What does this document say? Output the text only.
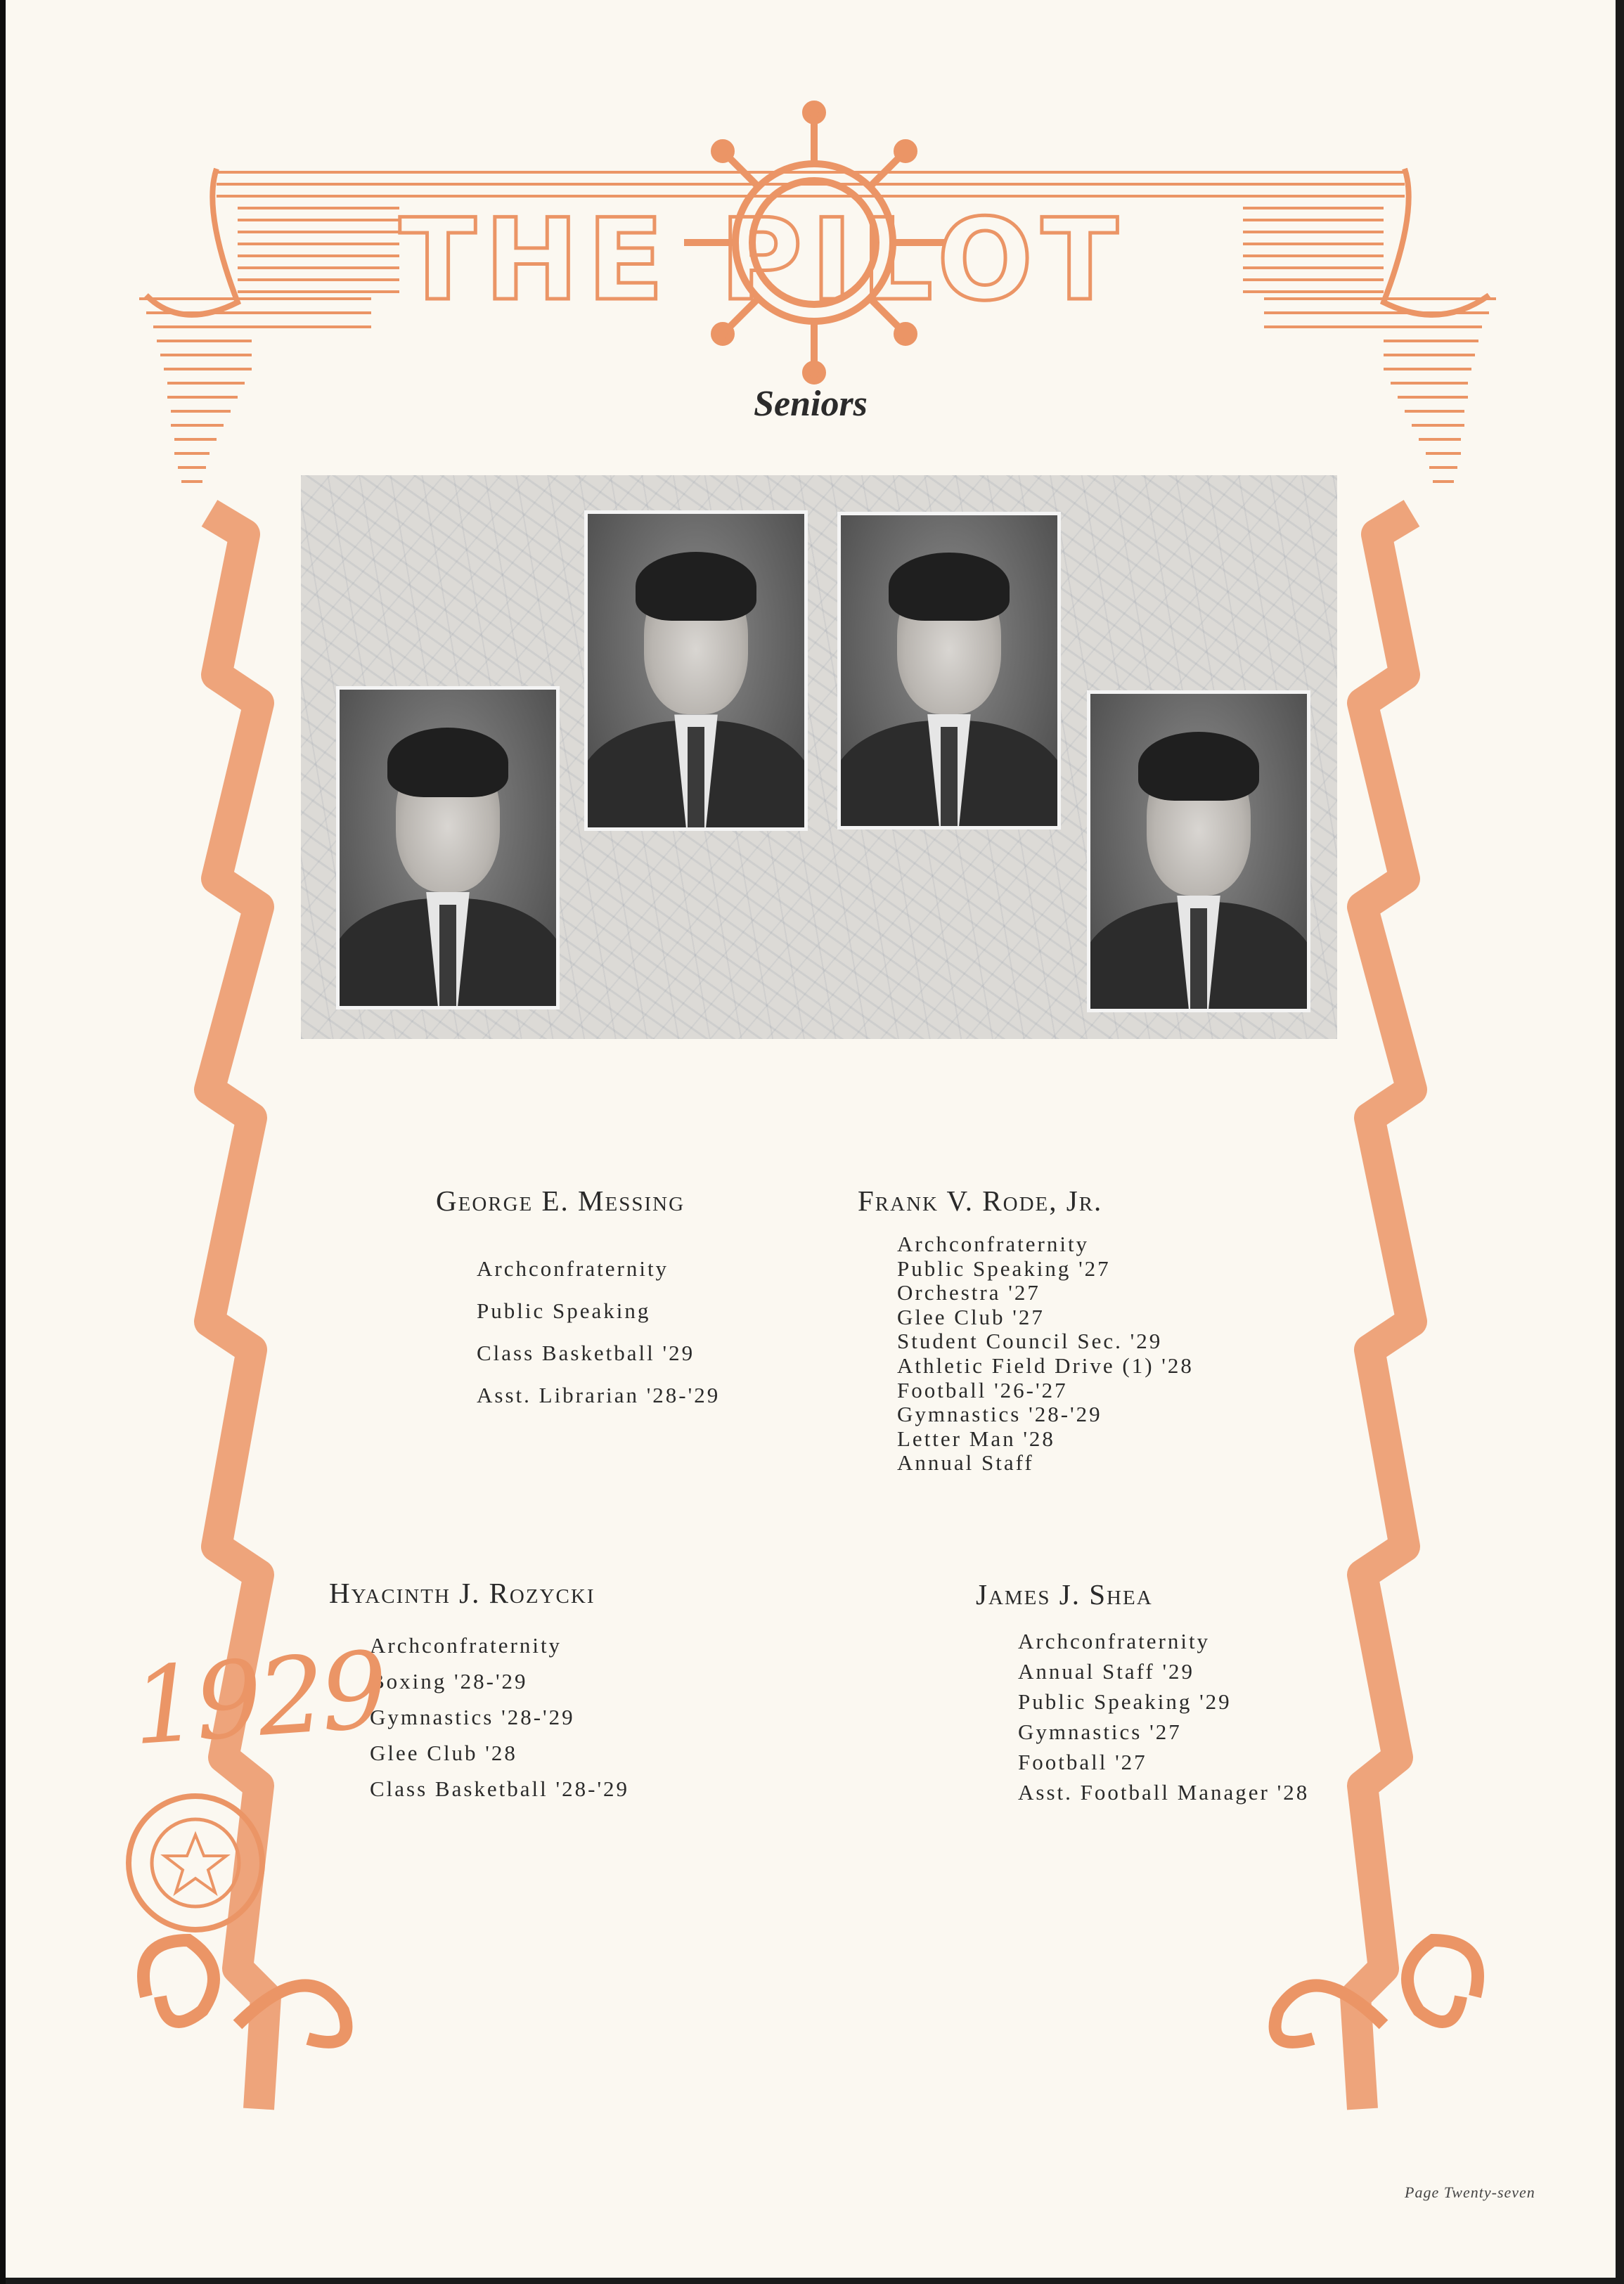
THE PILOT
Seniors
George E. Messing
Archconfraternity
Public Speaking
Class Basketball '29
Asst. Librarian '28-'29
Frank V. Rode, Jr.
Archconfraternity
Public Speaking '27
Orchestra '27
Glee Club '27
Student Council Sec. '29
Athletic Field Drive (1) '28
Football '26-'27
Gymnastics '28-'29
Letter Man '28
Annual Staff
Hyacinth J. Rozycki
Archconfraternity
Boxing '28-'29
Gymnastics '28-'29
Glee Club '28
Class Basketball '28-'29
James J. Shea
Archconfraternity
Annual Staff '29
Public Speaking '29
Gymnastics '27
Football '27
Asst. Football Manager '28
1929
Page Twenty-seven
